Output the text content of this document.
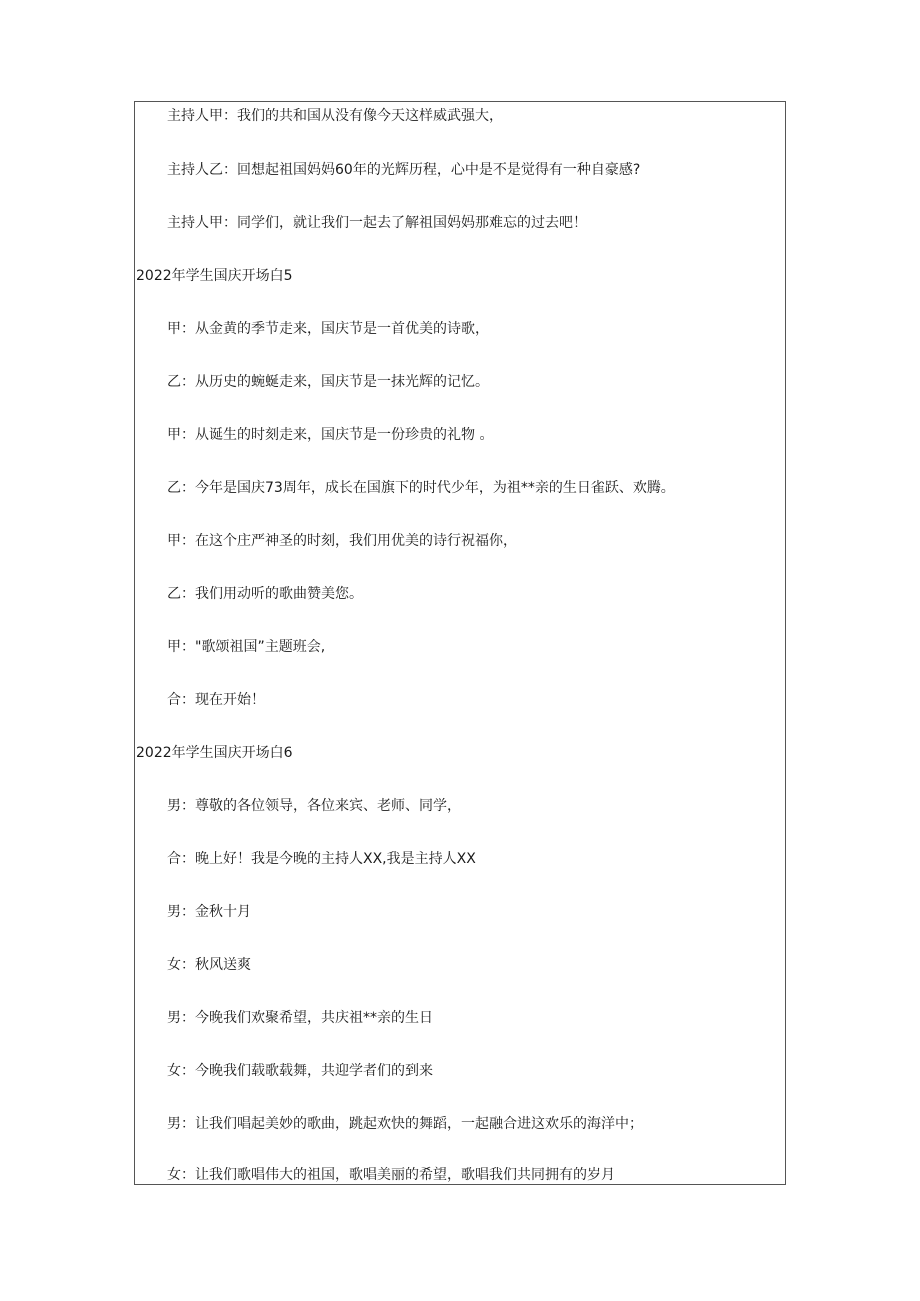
主持人甲：我们的共和国从没有像今天这样威武强大，
主持人乙：回想起祖国妈妈60年的光辉历程，心中是不是觉得有一种自豪感?
主持人甲：同学们，就让我们一起去了解祖国妈妈那难忘的过去吧！
2022年学生国庆开场白5
甲：从金黄的季节走来，国庆节是一首优美的诗歌，
乙：从历史的蜿蜒走来，国庆节是一抹光辉的记忆。
甲：从诞生的时刻走来，国庆节是一份珍贵的礼物 。
乙：今年是国庆73周年，成长在国旗下的时代少年，为祖**亲的生日雀跃、欢腾。
甲：在这个庄严神圣的时刻，我们用优美的诗行祝福你，
乙：我们用动听的歌曲赞美您。
甲："歌颂祖国”主题班会,
合：现在开始！
2022年学生国庆开场白6
男：尊敬的各位领导，各位来宾、老师、同学，
合：晚上好！我是今晚的主持人XX,我是主持人XX
男：金秋十月
女：秋风送爽
男：今晚我们欢聚希望，共庆祖**亲的生日
女：今晚我们载歌载舞，共迎学者们的到来
男：让我们唱起美妙的歌曲，跳起欢快的舞蹈，一起融合进这欢乐的海洋中；
女：让我们歌唱伟大的祖国，歌唱美丽的希望，歌唱我们共同拥有的岁月
